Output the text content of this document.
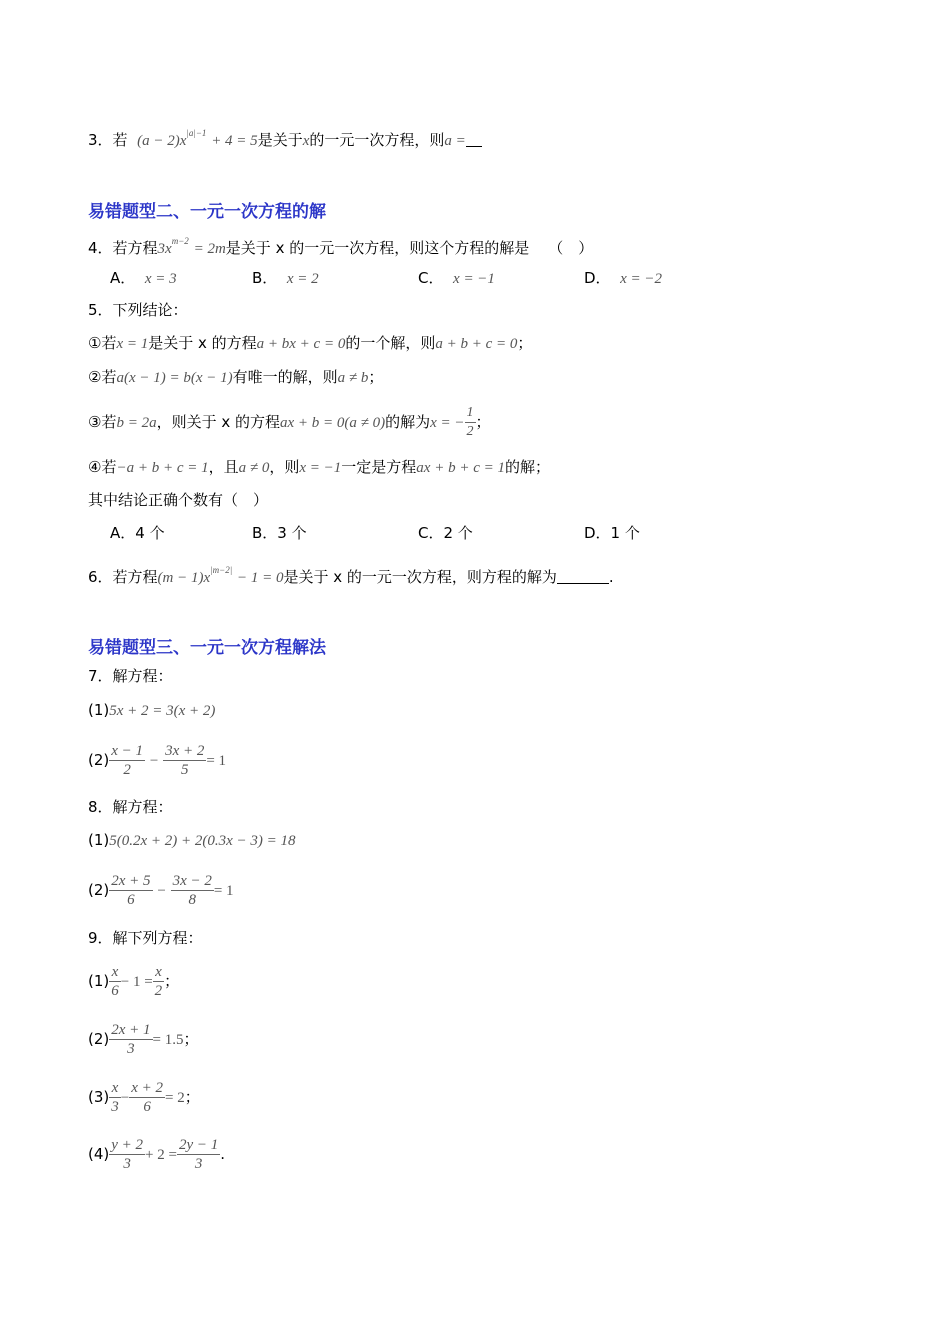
3．若 $(a - 2)x^{|a|-1} + 4 = 5$是关于x的一元一次方程，则a =
易错题型二、一元一次方程的解
4．若方程$3x^{m-2} = 2m$是关于 x 的一元一次方程，则这个方程的解是 （　）
A． x = 3	B． x = 2	C． x = −1	D． x = −2
5．下列结论：
①若x = 1是关于 x 的方程a + bx + c = 0的一个解，则a + b + c = 0；
②若a(x − 1) = b(x − 1)有唯一的解，则a ≠ b；
③若b = 2a，则关于 x 的方程ax + b = 0(a ≠ 0)的解为x = − $\frac{1}{2}$ ；
④若−a + b + c = 1，且a ≠ 0，则x = −1一定是方程ax + b + c = 1的解；
其中结论正确个数有（　）
A．4 个	B．3 个	C．2 个	D．1 个
6．若方程$(m - 1)x^{|m-2|} - 1 = 0$是关于 x 的一元一次方程，则方程的解为	.
易错题型三、一元一次方程解法
7．解方程：
(1)5x + 2 = 3(x + 2)
$(2) \frac{x - 1}{2} - \frac{3x + 2}{5} = 1$
8．解方程：
(1)5(0.2x + 2) + 2(0.3x − 3) = 18
$(2) \frac{2x + 5}{6} - \frac{3x - 2}{8} = 1$
9．解下列方程：
$(1) \frac{x}{6} - 1 = \frac{x}{2}$ ；
$(2) \frac{2x + 1}{3} = 1.5$；
$(3) \frac{x}{3} - \frac{x + 2}{6} = 2$；
$(4) \frac{y + 2}{3} + 2 = \frac{2y - 1}{3}$ .
